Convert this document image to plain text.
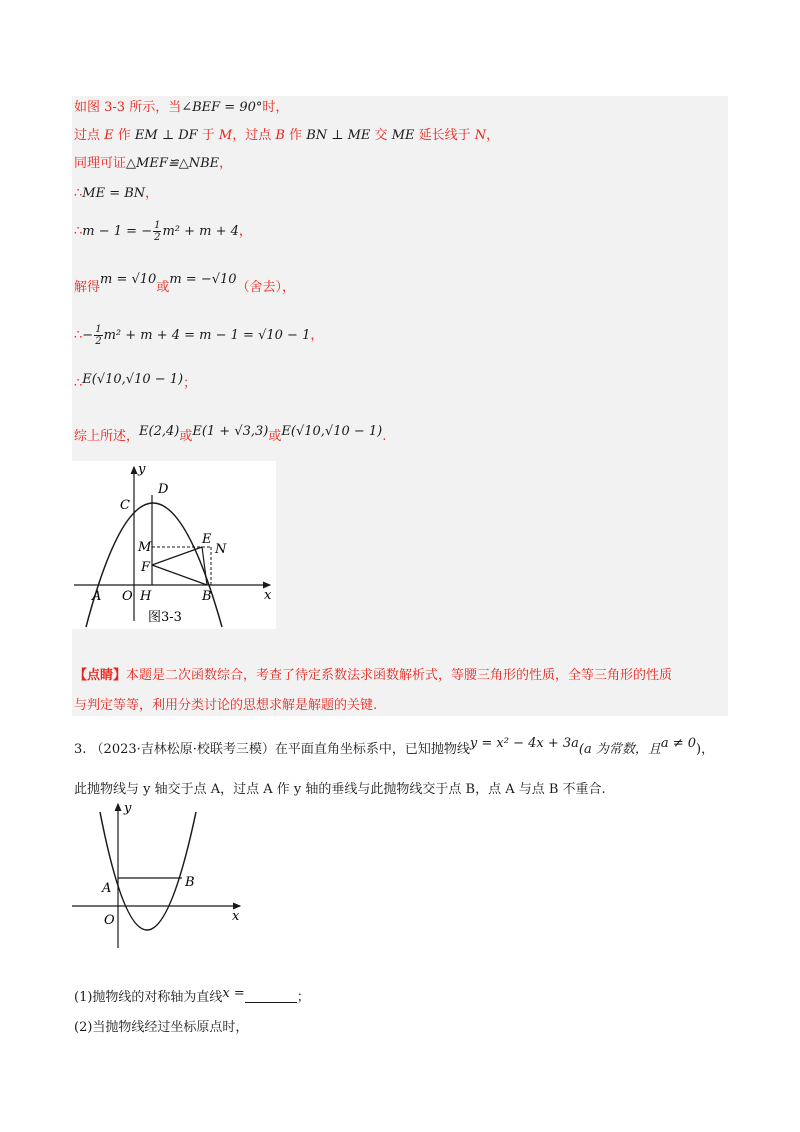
如图 3-3 所示，当∠BEF = 90°时，
过点 E 作 EM ⊥ DF 于 M，过点 B 作 BN ⊥ ME 交 ME 延长线于 N，
同理可证△MEF≌△NBE，
∴ME = BN，
∴m − 1 = − $\frac{1}{2} m^2 + m + 4$，
解得m = √10或m = −√10（舍去），
∴− $\frac{1}{2} m^2 + m + 4 = m - 1 = √10 - 1$，
∴E(√10,√10 − 1)；
综上所述，E(2,4)或E(1 + √3,3)或E(√10,√10 − 1).
y
x
C
D
E
N
M
F
A O H	B
图3-3
【点睛】本题是二次函数综合，考查了待定系数法求函数解析式，等腰三角形的性质，全等三角形的性质
与判定等等，利用分类讨论的思想求解是解题的关键.
3. （2023·吉林松原·校联考三模）在平面直角坐标系中，已知抛物线y = x² − 4x + 3a(a 为常数，且a ≠ 0)，
此抛物线与 y 轴交于点 A，过点 A 作 y 轴的垂线与此抛物线交于点 B，点 A 与点 B 不重合.
y
x
A	B
O
(1)抛物线的对称轴为直线x =	；
(2)当抛物线经过坐标原点时，
